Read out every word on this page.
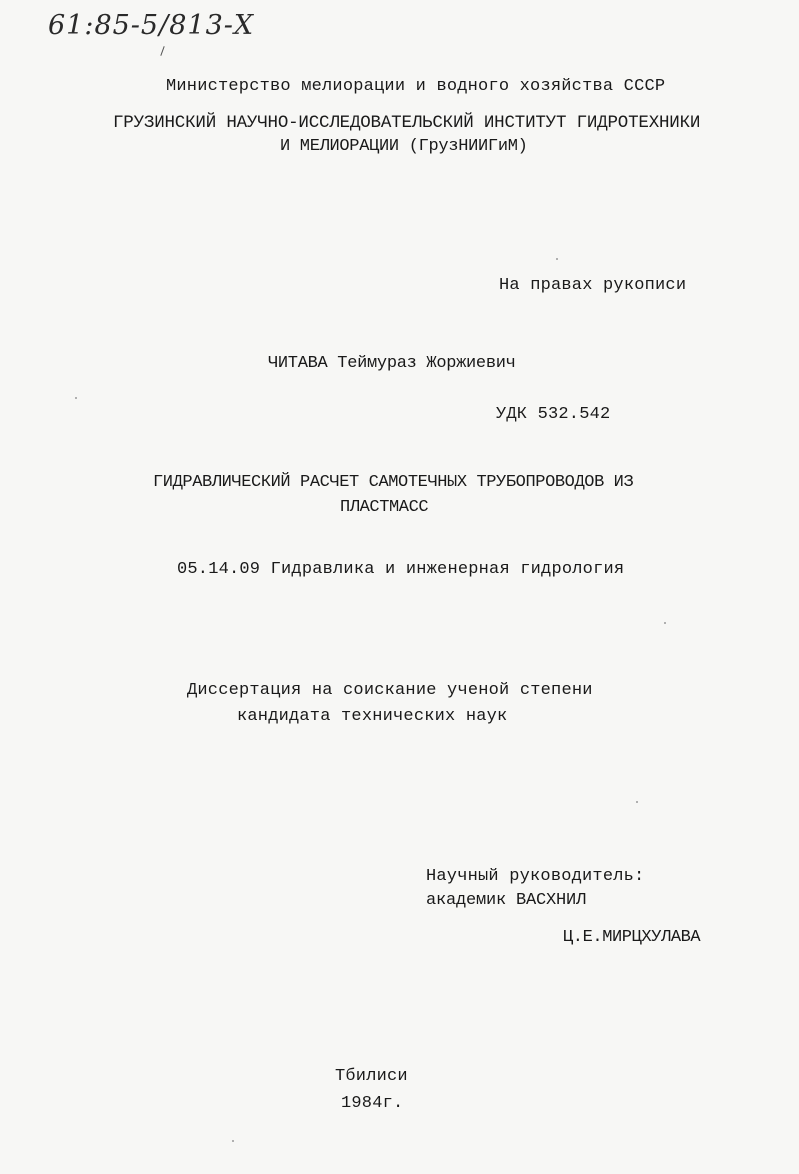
61:85-5/813-Х
Министерство мелиорации и водного хозяйства СССР
ГРУЗИНСКИЙ НАУЧНО-ИССЛЕДОВАТЕЛЬСКИЙ ИНСТИТУТ ГИДРОТЕХНИКИ
И МЕЛИОРАЦИИ (ГрузНИИГиМ)
На правах рукописи
ЧИТАВА Теймураз Жоржиевич
УДК 532.542
ГИДРАВЛИЧЕСКИЙ РАСЧЕТ САМОТЕЧНЫХ ТРУБОПРОВОДОВ ИЗ
ПЛАСТМАСС
05.14.09 Гидравлика и инженерная гидрология
Диссертация на соискание ученой степени
кандидата технических наук
Научный руководитель:
академик ВАСХНИЛ
Ц.Е.МИРЦХУЛАВА
Тбилиси
1984г.
